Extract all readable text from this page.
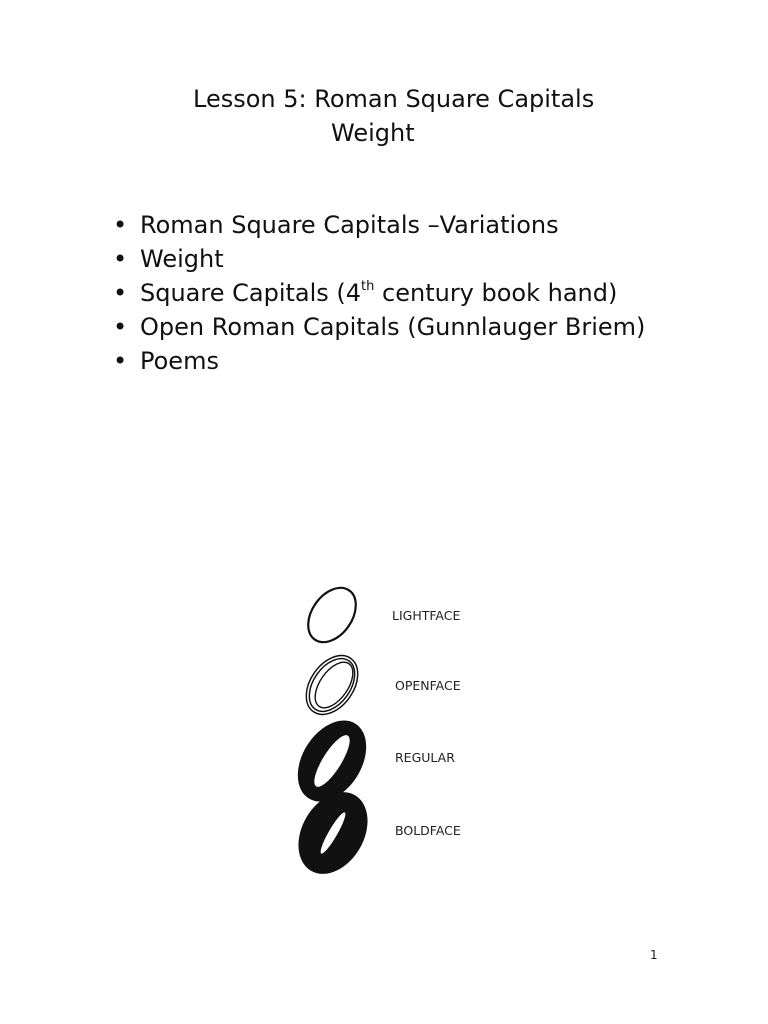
Lesson 5: Roman Square Capitals
Weight
• Roman Square Capitals –Variations
• Weight
• Square Capitals (4th century book hand)
• Open Roman Capitals (Gunnlauger Briem)
• Poems
LIGHTFACE
OPENFACE
REGULAR
BOLDFACE
1
